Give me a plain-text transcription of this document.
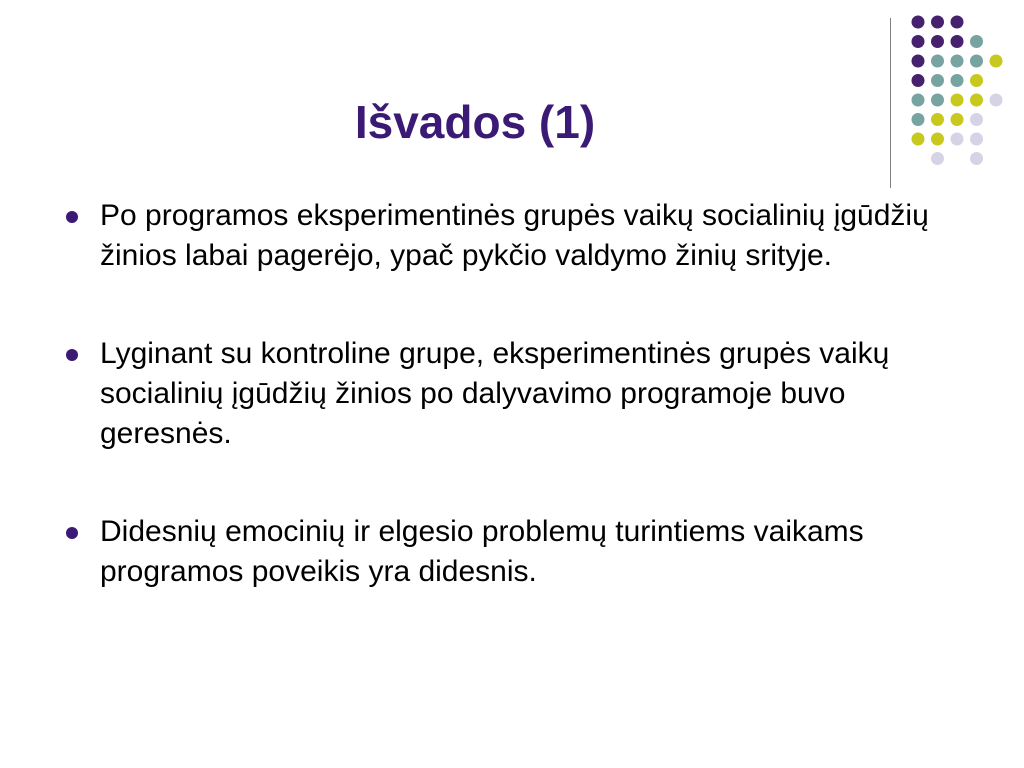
Išvados (1)
Po programos eksperimentinės grupės vaikų socialinių įgūdžių žinios labai pagerėjo, ypač pykčio valdymo žinių srityje.
Lyginant su kontroline grupe, eksperimentinės grupės vaikų socialinių įgūdžių žinios po dalyvavimo programoje buvo geresnės.
Didesnių emocinių ir elgesio problemų turintiems vaikams programos poveikis yra didesnis.
